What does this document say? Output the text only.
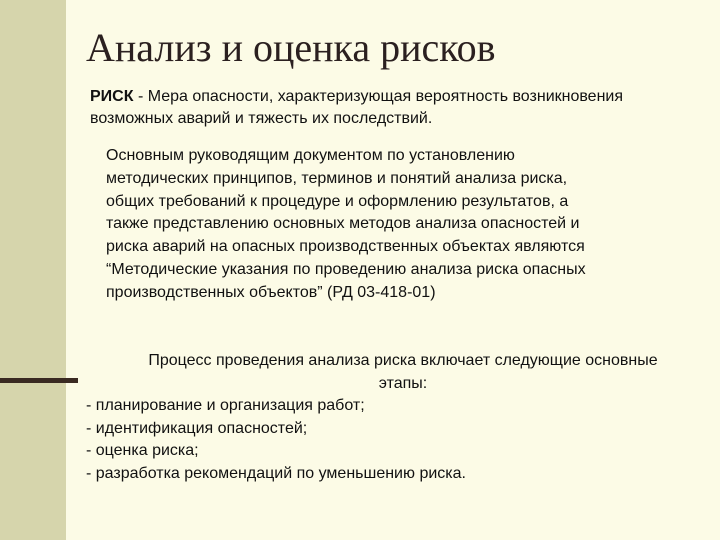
Анализ и оценка рисков
РИСК - Мера опасности, характеризующая вероятность возникновения возможных аварий и тяжесть их последствий.
Основным руководящим документом по установлению
методических принципов, терминов и понятий анализа риска,
общих требований к процедуре и оформлению результатов, а
также представлению основных методов анализа опасностей и
риска аварий на опасных производственных объектах являются
“Методические указания по проведению анализа риска опасных
производственных объектов” (РД 03-418-01)
Процесс проведения анализа риска включает следующие основные
этапы:
- планирование и организация работ;
- идентификация опасностей;
- оценка риска;
- разработка рекомендаций по уменьшению риска.
